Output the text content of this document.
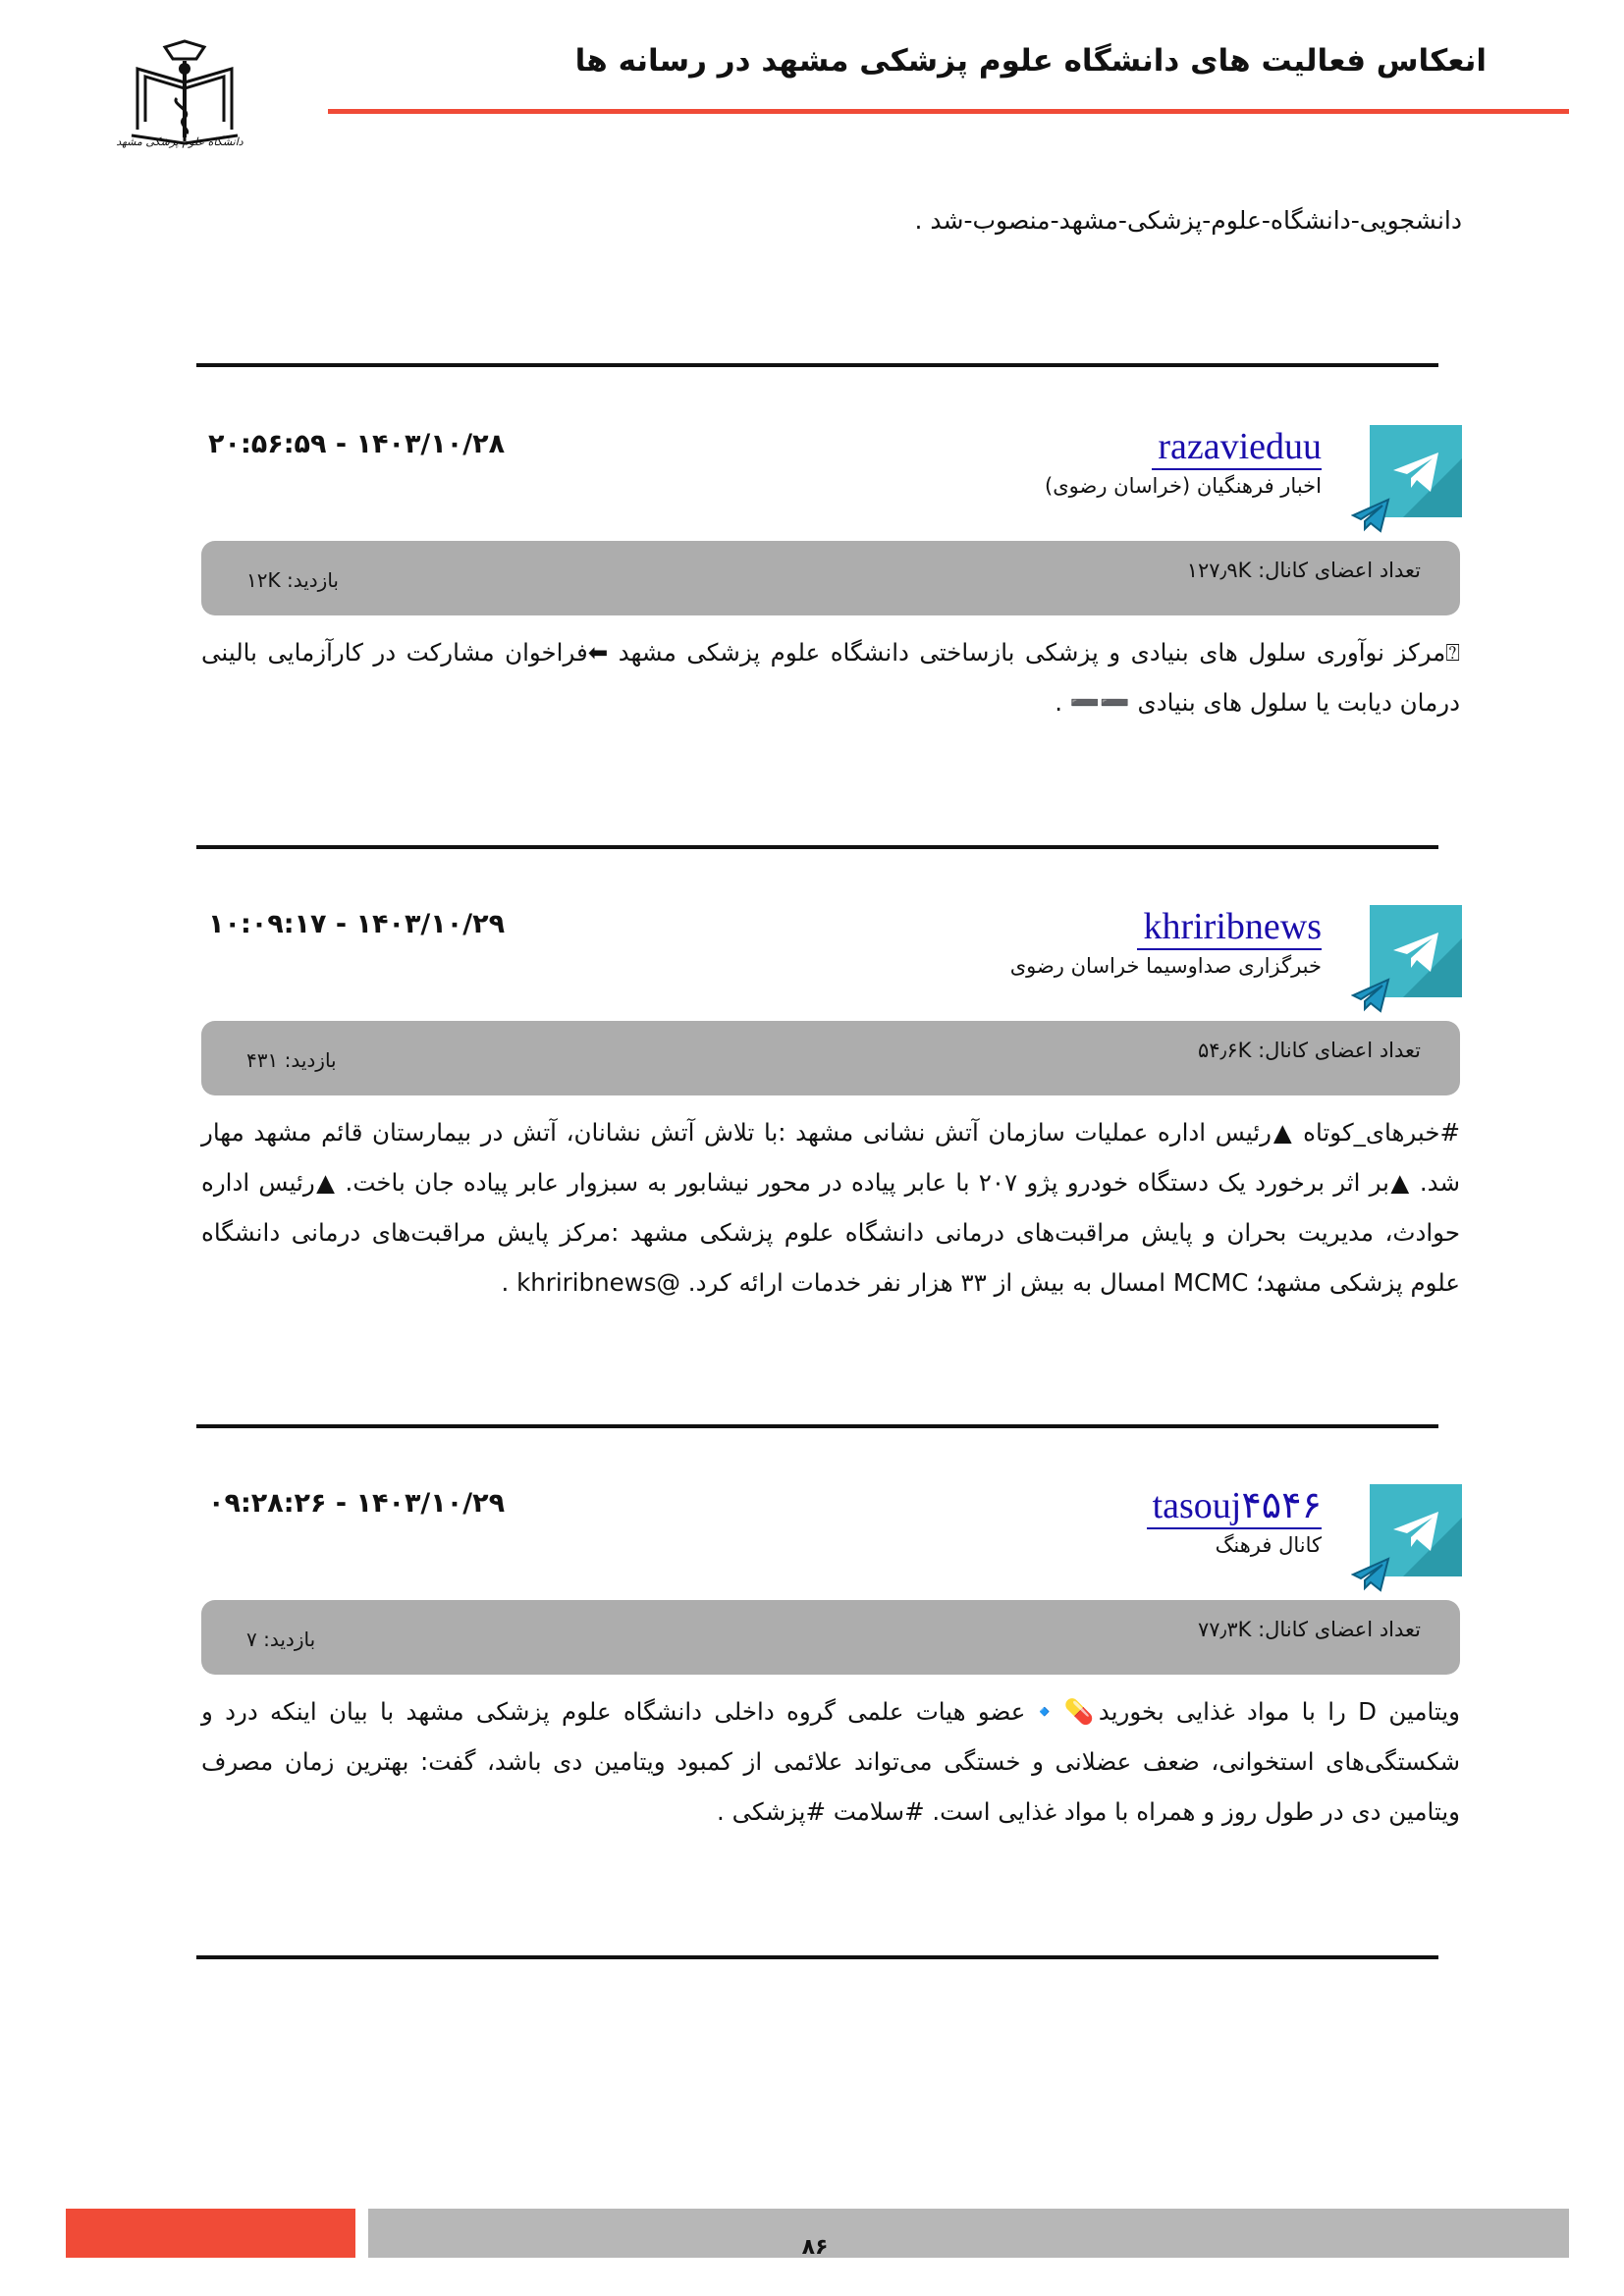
دانشگاه علوم پزشکی مشهد
انعکاس فعالیت های دانشگاه علوم پزشکی مشهد در رسانه ها
دانشجویی-دانشگاه-علوم-پزشکی-مشهد-منصوب-شد .
razavieduu
اخبار فرهنگیان (خراسان رضوی)
۱۴۰۳/۱۰/۲۸ - ۲۰:۵۶:۵۹
تعداد اعضای کانال: ۱۲۷٫۹K
بازدید: ۱۲K
⍰مرکز نوآوری سلول های بنیادی و پزشکی بازساختی دانشگاه علوم پزشکی مشهد ⬅فراخوان مشارکت در کارآزمایی بالینی درمان دیابت یا سلول های بنیادی ➖➖ .
khriribnews
خبرگزاری صداوسیما خراسان رضوی
۱۴۰۳/۱۰/۲۹ - ۱۰:۰۹:۱۷
تعداد اعضای کانال: ۵۴٫۶K
بازدید: ۴۳۱
#خبرهای_کوتاه ▲رئیس اداره عملیات سازمان آتش نشانی مشهد :با تلاش آتش نشانان، آتش در بیمارستان قائم مشهد مهار شد. ▲بر اثر برخورد یک دستگاه خودرو پژو ۲۰۷ با عابر پیاده در محور نیشابور به سبزوار عابر پیاده جان باخت. ▲رئیس اداره حوادث، مدیریت بحران و پایش مراقبت‌های درمانی دانشگاه علوم پزشکی مشهد :مرکز پایش مراقبت‌های درمانی دانشگاه علوم پزشکی مشهد؛ MCMC امسال به بیش از ۳۳ هزار نفر خدمات ارائه کرد. @khriribnews .
tasouj۴۵۴۶
کانال فرهنگ
۱۴۰۳/۱۰/۲۹ - ۰۹:۲۸:۲۶
تعداد اعضای کانال: ۷۷٫۳K
بازدید: ۷
ویتامین D را با مواد غذایی بخورید💊🔹عضو هیات علمی گروه داخلی دانشگاه علوم پزشکی مشهد با بیان اینکه درد و شکستگی‌های استخوانی، ضعف عضلانی و خستگی می‌تواند علائمی از کمبود ویتامین دی باشد، گفت: بهترین زمان مصرف ویتامین دی در طول روز و همراه با مواد غذایی است. #سلامت #پزشکی .
۸۶
